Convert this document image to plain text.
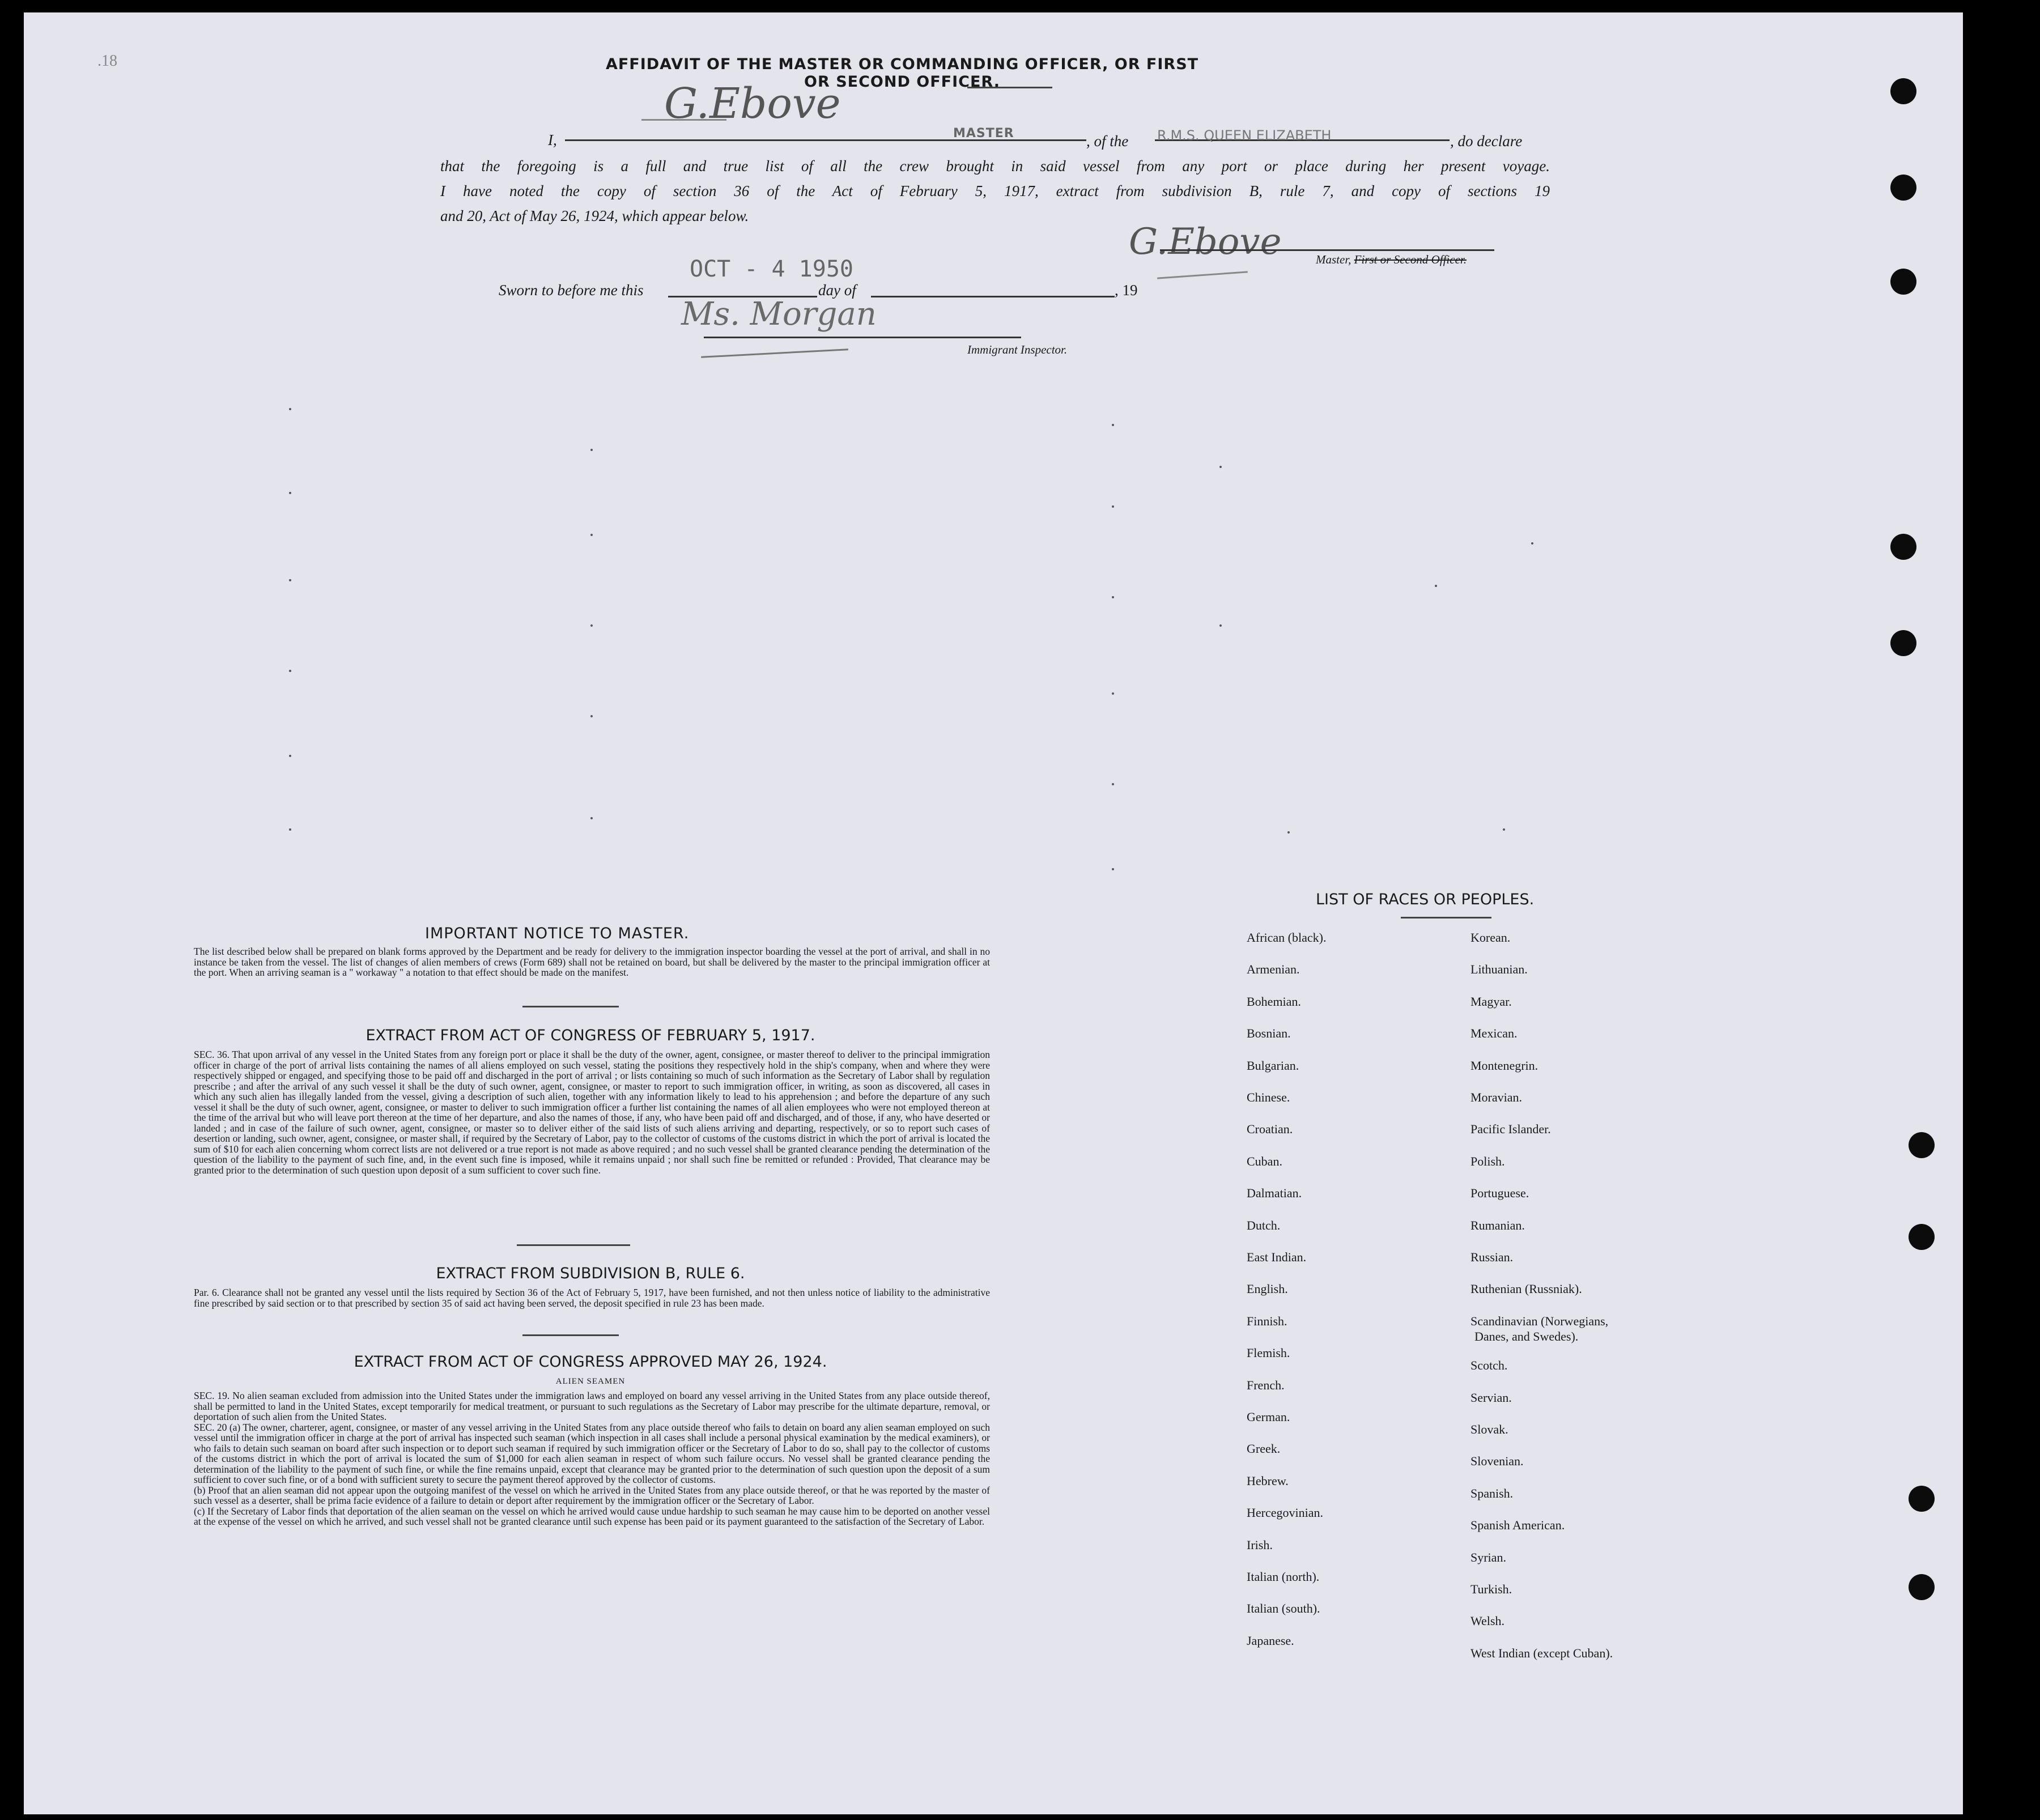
.18	AFFIDAVIT OF THE MASTER OR COMMANDING OFFICER, OR FIRST OR SECOND OFFICER.
G.Ebove
I,	MASTER	, of the R.M.S. QUEEN ELIZABETH	, do declare
that the foregoing is a full and true list of all the crew brought in said vessel from any port or place during her present voyage.
I have noted the copy of section 36 of the Act of February 5, 1917, extract from subdivision B, rule 7, and copy of sections 19
and 20, Act of May 26, 1924, which appear below.
G.Ebove	Master, First or Second Officer.
OCT - 4 1950
Sworn to before me this	day of	, 19
Ms. Morgan
Immigrant Inspector.
IMPORTANT NOTICE TO MASTER.
The list described below shall be prepared on blank forms approved by the Department and be ready for delivery to the immigration inspector boarding the vessel at the port of arrival, and shall in no instance be taken from the vessel. The list of changes of alien members of crews (Form 689) shall not be retained on board, but shall be delivered by the master to the principal immigration officer at the port. When an arriving seaman is a " workaway " a notation to that effect should be made on the manifest.
EXTRACT FROM ACT OF CONGRESS OF FEBRUARY 5, 1917.
SEC. 36. That upon arrival of any vessel in the United States from any foreign port or place it shall be the duty of the owner, agent, consignee, or master thereof to deliver to the principal immigration officer in charge of the port of arrival lists containing the names of all aliens employed on such vessel, stating the positions they respectively hold in the ship's company, when and where they were respectively shipped or engaged, and specifying those to be paid off and discharged in the port of arrival ; or lists containing so much of such information as the Secretary of Labor shall by regulation prescribe ; and after the arrival of any such vessel it shall be the duty of such owner, agent, consignee, or master to report to such immigration officer, in writing, as soon as discovered, all cases in which any such alien has illegally landed from the vessel, giving a description of such alien, together with any information likely to lead to his apprehension ; and before the departure of any such vessel it shall be the duty of such owner, agent, consignee, or master to deliver to such immigration officer a further list containing the names of all alien employees who were not employed thereon at the time of the arrival but who will leave port thereon at the time of her departure, and also the names of those, if any, who have been paid off and discharged, and of those, if any, who have deserted or landed ; and in case of the failure of such owner, agent, consignee, or master so to deliver either of the said lists of such aliens arriving and departing, respectively, or so to report such cases of desertion or landing, such owner, agent, consignee, or master shall, if required by the Secretary of Labor, pay to the collector of customs of the customs district in which the port of arrival is located the sum of $10 for each alien concerning whom correct lists are not delivered or a true report is not made as above required ; and no such vessel shall be granted clearance pending the determination of the question of the liability to the payment of such fine, and, in the event such fine is imposed, while it remains unpaid ; nor shall such fine be remitted or refunded : Provided, That clearance may be granted prior to the determination of such question upon deposit of a sum sufficient to cover such fine.
EXTRACT FROM SUBDIVISION B, RULE 6.
Par. 6. Clearance shall not be granted any vessel until the lists required by Section 36 of the Act of February 5, 1917, have been furnished, and not then unless notice of liability to the administrative fine prescribed by said section or to that prescribed by section 35 of said act having been served, the deposit specified in rule 23 has been made.
EXTRACT FROM ACT OF CONGRESS APPROVED MAY 26, 1924.
ALIEN SEAMEN
SEC. 19. No alien seaman excluded from admission into the United States under the immigration laws and employed on board any vessel arriving in the United States from any place outside thereof, shall be permitted to land in the United States, except temporarily for medical treatment, or pursuant to such regulations as the Secretary of Labor may prescribe for the ultimate departure, removal, or deportation of such alien from the United States.
SEC. 20 (a) The owner, charterer, agent, consignee, or master of any vessel arriving in the United States from any place outside thereof who fails to detain on board any alien seaman employed on such vessel until the immigration officer in charge at the port of arrival has inspected such seaman (which inspection in all cases shall include a personal physical examination by the medical examiners), or who fails to detain such seaman on board after such inspection or to deport such seaman if required by such immigration officer or the Secretary of Labor to do so, shall pay to the collector of customs of the customs district in which the port of arrival is located the sum of $1,000 for each alien seaman in respect of whom such failure occurs. No vessel shall be granted clearance pending the determination of the liability to the payment of such fine, or while the fine remains unpaid, except that clearance may be granted prior to the determination of such question upon the deposit of a sum sufficient to cover such fine, or of a bond with sufficient surety to secure the payment thereof approved by the collector of customs.
(b) Proof that an alien seaman did not appear upon the outgoing manifest of the vessel on which he arrived in the United States from any place outside thereof, or that he was reported by the master of such vessel as a deserter, shall be prima facie evidence of a failure to detain or deport after requirement by the immigration officer or the Secretary of Labor.
(c) If the Secretary of Labor finds that deportation of the alien seaman on the vessel on which he arrived would cause undue hardship to such seaman he may cause him to be deported on another vessel at the expense of the vessel on which he arrived, and such vessel shall not be granted clearance until such expense has been paid or its payment guaranteed to the satisfaction of the Secretary of Labor.
LIST OF RACES OR PEOPLES.
African (black).
Armenian.
Bohemian.
Bosnian.
Bulgarian.
Chinese.
Croatian.
Cuban.
Dalmatian.
Dutch.
East Indian.
English.
Finnish.
Flemish.
French.
German.
Greek.
Hebrew.
Hercegovinian.
Irish.
Italian (north).
Italian (south).
Japanese.
Korean.
Lithuanian.
Magyar.
Mexican.
Montenegrin.
Moravian.
Pacific Islander.
Polish.
Portuguese.
Rumanian.
Russian.
Ruthenian (Russniak).
Scandinavian (Norwegians,
Scotch.
Servian.
Slovak.
Slovenian.
Spanish.
Spanish American.
Syrian.
Turkish.
Welsh.
West Indian (except Cuban).
Danes, and Swedes).
